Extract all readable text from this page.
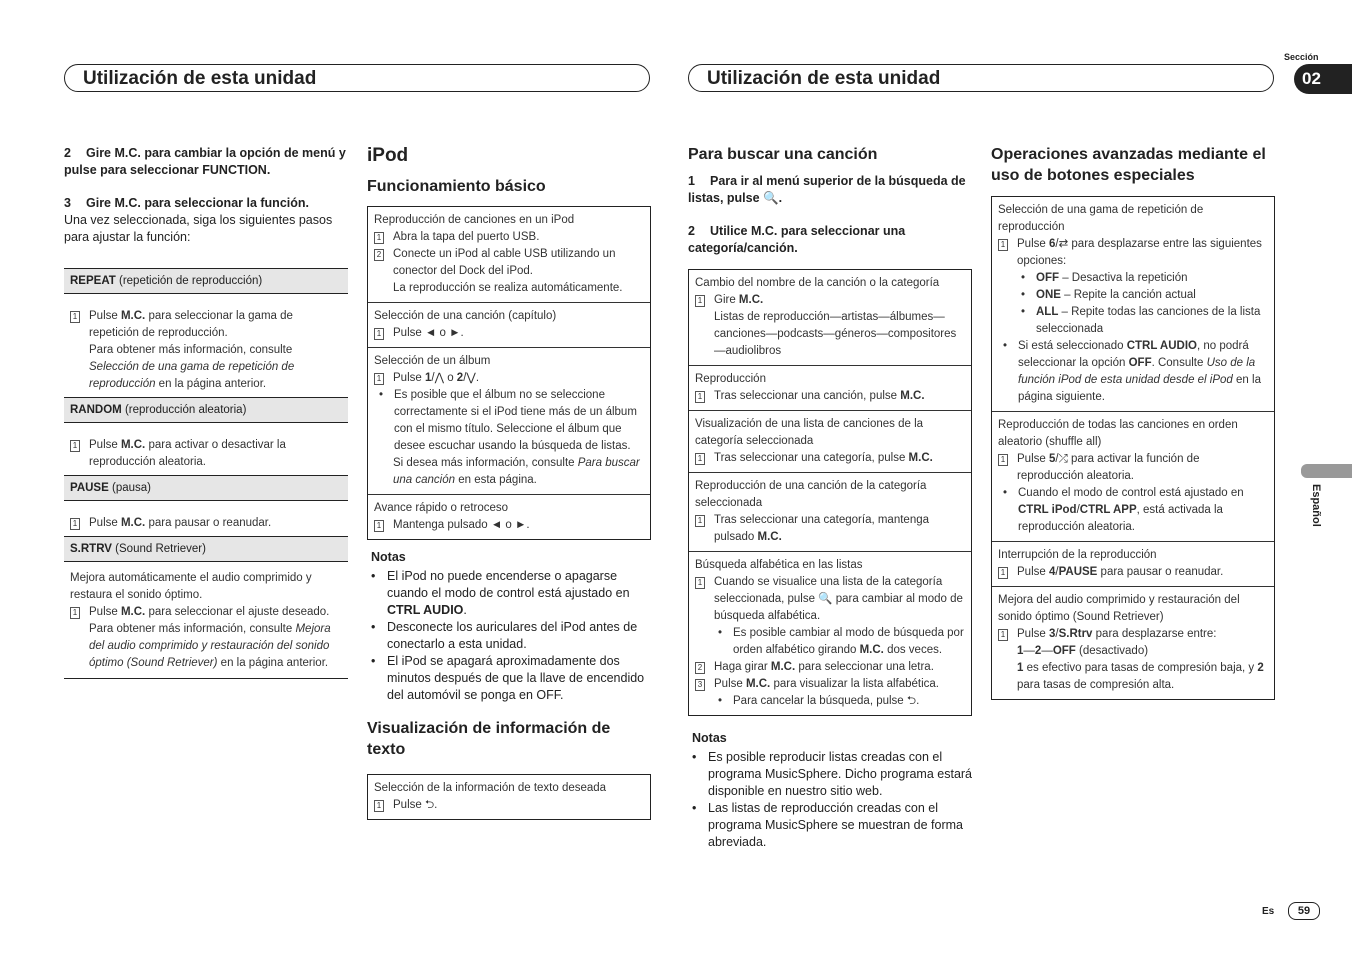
Utilización de esta unidad	Utilización de esta unidad
Sección
02
Español
2 Gire M.C. para cambiar la opción de menú y pulse para seleccionar FUNCTION.
3 Gire M.C. para seleccionar la función.
Una vez seleccionada, siga los siguientes pasos para ajustar la función:
REPEAT (repetición de reproducción)
1 Pulse M.C. para seleccionar la gama de repetición de reproducción.
Para obtener más información, consulte Selección de una gama de repetición de reproducción en la página anterior.
RANDOM (reproducción aleatoria)
1 Pulse M.C. para activar o desactivar la reproducción aleatoria.
PAUSE (pausa)
1 Pulse M.C. para pausar o reanudar.
S.RTRV (Sound Retriever)
Mejora automáticamente el audio comprimido y restaura el sonido óptimo.
1 Pulse M.C. para seleccionar el ajuste deseado.
Para obtener más información, consulte Mejora del audio comprimido y restauración del sonido óptimo (Sound Retriever) en la página anterior.
iPod
Funcionamiento básico
Reproducción de canciones en un iPod
1 Abra la tapa del puerto USB.
2 Conecte un iPod al cable USB utilizando un conector del Dock del iPod.
La reproducción se realiza automáticamente.
Selección de una canción (capítulo)
1 Pulse ◄ o ►.
Selección de un álbum
1 Pulse 1/⋀ o 2/⋁.
• Es posible que el álbum no se seleccione correctamente si el iPod tiene más de un álbum con el mismo título. Seleccione el álbum que desee escuchar usando la búsqueda de listas.
Si desea más información, consulte Para buscar una canción en esta página.
Avance rápido o retroceso
1 Mantenga pulsado ◄ o ►.
Notas
• El iPod no puede encenderse o apagarse cuando el modo de control está ajustado en CTRL AUDIO.
• Desconecte los auriculares del iPod antes de conectarlo a esta unidad.
• El iPod se apagará aproximadamente dos minutos después de que la llave de encendido del automóvil se ponga en OFF.
Visualización de información de texto
Selección de la información de texto deseada
1 Pulse ⮌.
Para buscar una canción
1 Para ir al menú superior de la búsqueda de listas, pulse 🔍.
2 Utilice M.C. para seleccionar una categoría/canción.
Cambio del nombre de la canción o la categoría
1 Gire M.C.
Listas de reproducción—artistas—álbumes—canciones—podcasts—géneros—compositores—audiolibros
Reproducción
1 Tras seleccionar una canción, pulse M.C.
Visualización de una lista de canciones de la categoría seleccionada
1 Tras seleccionar una categoría, pulse M.C.
Reproducción de una canción de la categoría seleccionada
1 Tras seleccionar una categoría, mantenga pulsado M.C.
Búsqueda alfabética en las listas
1 Cuando se visualice una lista de la categoría seleccionada, pulse 🔍 para cambiar al modo de búsqueda alfabética.
• Es posible cambiar al modo de búsqueda por orden alfabético girando M.C. dos veces.
2 Haga girar M.C. para seleccionar una letra.
3 Pulse M.C. para visualizar la lista alfabética.
• Para cancelar la búsqueda, pulse ⮌.
Notas
• Es posible reproducir listas creadas con el programa MusicSphere. Dicho programa estará disponible en nuestro sitio web.
• Las listas de reproducción creadas con el programa MusicSphere se muestran de forma abreviada.
Operaciones avanzadas mediante el uso de botones especiales
Selección de una gama de repetición de reproducción
1 Pulse 6/⇄ para desplazarse entre las siguientes opciones:
• OFF – Desactiva la repetición
• ONE – Repite la canción actual
• ALL – Repite todas las canciones de la lista seleccionada
• Si está seleccionado CTRL AUDIO, no podrá seleccionar la opción OFF. Consulte Uso de la función iPod de esta unidad desde el iPod en la página siguiente.
Reproducción de todas las canciones en orden aleatorio (shuffle all)
1 Pulse 5/⤮ para activar la función de reproducción aleatoria.
• Cuando el modo de control está ajustado en CTRL iPod/CTRL APP, está activada la reproducción aleatoria.
Interrupción de la reproducción
1 Pulse 4/PAUSE para pausar o reanudar.
Mejora del audio comprimido y restauración del sonido óptimo (Sound Retriever)
1 Pulse 3/S.Rtrv para desplazarse entre:
1—2—OFF (desactivado)
1 es efectivo para tasas de compresión baja, y 2 para tasas de compresión alta.
Es	59
